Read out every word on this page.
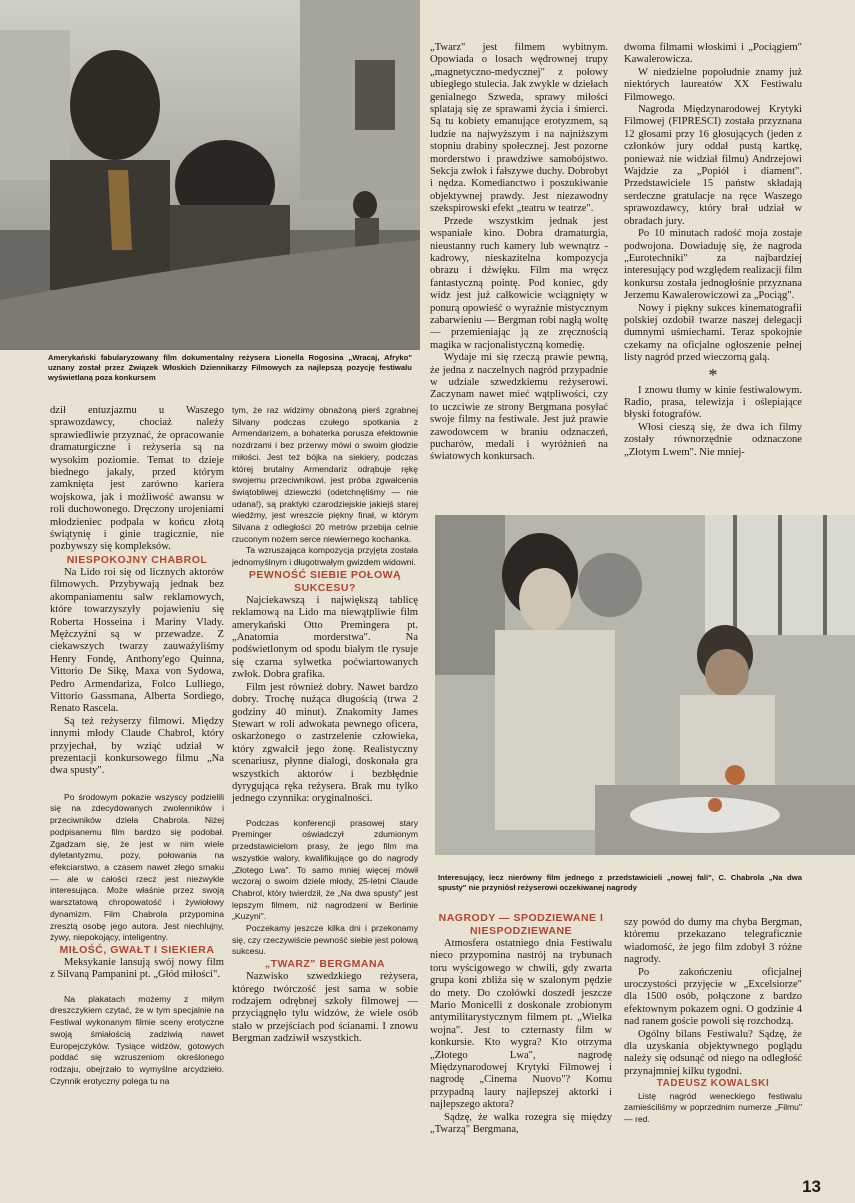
Amerykański fabularyzowany film dokumentalny reżysera Lionella Rogosina „Wracaj, Afryko" uznany został przez Związek Włoskich Dziennikarzy Filmowych za najlepszą pozycję festiwalu wyświetlaną poza konkursem

dził entuzjazmu u Waszego sprawozdawcy, chociaż należy sprawiedliwie przyznać, że opracowanie dramaturgiczne i reżyseria są na wysokim poziomie. Temat to dzieje biednego jakaly, przed którym zamknięta jest zarówno kariera wojskowa, jak i możliwość awansu w roli duchowonego. Dręczony urojeniami młodzieniec podpala w końcu złotą świątynię i ginie tragicznie, nie pozbywszy się kompleksów.

NIESPOKOJNY CHABROL

Na Lido roi się od licznych aktorów filmowych. Przybywają jednak bez akompaniamentu salw reklamowych, które towarzyszyły pojawieniu się Roberta Hosseina i Mariny Vlady. Mężczyźni są w przewadze. Z ciekawszych twarzy zauważyliśmy Henry Fondę, Anthony'ego Quinna, Vittorio De Sikę, Maxa von Sydowa, Pedro Armendariza, Folco Lulliego, Vittorio Gassmana, Alberta Sordiego, Renato Rascela.

Są też reżyserzy filmowi. Między innymi młody Claude Chabrol, który przyjechał, by wziąć udział w prezentacji konkursowego filmu „Na dwa spusty".

Po środowym pokazie wszyscy podzielili się na zdecydowanych zwolenników i przeciwników dzieła Chabrola. Niżej podpisanemu film bardzo się podobał. Zgadzam się, że jest w nim wiele dyletantyzmu, pozy, połowania na efekciarstwo, a czasem nawet złego smaku — ale w całości rzecz jest niezwykle interesująca. Może właśnie przez swoją warsztatową chropowatość i żywiołowy dynamizm. Film Chabrola przypomina zresztą osobę jego autora. Jest niechlujny, żywy, niepokojący, inteligentny.

MIŁOŚĆ, GWAŁT I SIEKIERA

Meksykanie lansują swój nowy film z Silvaną Pampanini pt. „Głód miłości".

Na plakatach możemy z miłym dreszczykiem czytać, że w tym specjalnie na Festiwal wykonanym filmie sceny erotyczne swoją śmiałością zadziwią nawet Europejczyków. Tysiące widzów, gotowych poddać się wzruszeniom określonego rodzaju, obejrzało to wymyślne arcydzieło. Czynnik erotyczny polega tu na

tym, że raz widzimy obnażoną pierś zgrabnej Silvany podczas czułego spotkania z Armendarizem, a bohaterka porusza efektownie nozdrzami i bez przerwy mówi o swoim głodzie miłości. Jest też bójka na siekiery, podczas której brutalny Armendariz odrąbuje rękę swojemu przeciwnikowi, jest próba zgwałcenia świątobliwej dziewczki (odetchnęliśmy — nie udana!), są praktyki czarodziejskie jakiejś starej wiedźmy, jest wreszcie piękny finał, w którym Silvana z odległości 20 metrów przebija celnie rzuconym nożem serce niewiernego kochanka.

Ta wzruszająca kompozycja przyjęta została jednomyślnym i długotrwałym gwizdem widowni.

PEWNOŚĆ SIEBIE POŁOWĄ SUKCESU?

Najciekawszą i największą tablicę reklamową na Lido ma niewątpliwie film amerykański Otto Premingera pt. „Anatomia morderstwa". Na podświetlonym od spodu białym tle rysuje się czarna sylwetka poćwiartowanych zwłok. Dobra grafika.

Film jest również dobry. Nawet bardzo dobry. Trochę nużąca długością (trwa 2 godziny 40 minut). Znakomity James Stewart w roli adwokata pewnego oficera, oskarżonego o zastrzelenie człowieka, który zgwałcił jego żonę. Realistyczny scenariusz, płynne dialogi, doskonała gra wszystkich aktorów i bezbłędnie dyrygująca ręka reżysera. Brak mu tylko jednego czynnika: oryginalności.

Podczas konferencji prasowej stary Preminger oświadczył zdumionym przedstawicielom prasy, że jego film ma wszystkie walory, kwalifikujące go do nagrody „Złotego Lwa". To samo mniej więcej mówił wczoraj o swoim dziele młody, 25-letni Claude Chabrol, który twierdził, że „Na dwa spusty" jest lepszym filmem, niż nagrodzeni w Berlinie „Kuzyni".

Poczekamy jeszcze kilka dni i przekonamy się, czy rzeczywiście pewność siebie jest połową sukcesu.

„TWARZ" BERGMANA

Nazwisko szwedzkiego reżysera, którego twórczość jest sama w sobie rodzajem odrębnej szkoły filmowej — przyciągnęło tylu widzów, że wiele osób stało w przejściach pod ścianami. I znowu Bergman zadziwił wszystkich.

„Twarz" jest filmem wybitnym. Opowiada o losach wędrownej trupy „magnetyczno-medycznej" z połowy ubiegłego stulecia. Jak zwykle w dziełach genialnego Szweda, sprawy miłości splatają się ze sprawami życia i śmierci. Są tu kobiety emanujące erotyzmem, są ludzie na najwyższym i na najniższym stopniu drabiny społecznej. Jest pozorne morderstwo i prawdziwe samobójstwo. Sekcja zwłok i fałszywe duchy. Dobrobyt i nędza. Komedianctwo i poszukiwanie objektywnej prawdy. Jest niezawodny szekspirowski efekt „teatru w teatrze".

Przede wszystkim jednak jest wspaniałe kino. Dobra dramaturgia, nieustanny ruch kamery lub wewnątrz - kadrowy, nieskazitelna kompozycja obrazu i dźwięku. Film ma wręcz fantastyczną pointę. Pod koniec, gdy widz jest już całkowicie wciągnięty w ponurą opowieść o wyraźnie mistycznym zabarwieniu — Bergman robi nagłą woltę — przemieniając ją ze zręcznością magika w racjonalistyczną komedię.

Wydaje mi się rzeczą prawie pewną, że jedna z naczelnych nagród przypadnie w udziale szwedzkiemu reżyserowi. Zaczynam nawet mieć wątpliwości, czy to uczciwie ze strony Bergmana posyłać swoje filmy na festiwale. Jest już prawie zawodowcem w braniu odznaczeń, pucharów, medali i wyróżnień na światowych konkursach.

dwoma filmami włoskimi i „Pociągiem" Kawalerowicza.

W niedzielne popołudnie znamy już niektórych laureatów XX Festiwalu Filmowego.

Nagroda Międzynarodowej Krytyki Filmowej (FIPRESCI) została przyznana 12 głosami przy 16 głosujących (jeden z członków jury oddał pustą kartkę, ponieważ nie widział filmu) Andrzejowi Wajdzie za „Popiół i diament". Przedstawiciele 15 państw składają serdeczne gratulacje na ręce Waszego sprawozdawcy, który brał udział w obradach jury.

Po 10 minutach radość moja zostaje podwojona. Dowiaduję się, że nagroda „Eurotechniki" za najbardziej interesujący pod względem realizacji film konkursu została jednogłośnie przyznana Jerzemu Kawalerowiczowi za „Pociąg".

Nowy i piękny sukces kinematografii polskiej ozdobił twarze naszej delegacji dumnymi uśmiechami. Teraz spokojnie czekamy na oficjalne ogłoszenie pełnej listy nagród przed wieczorną galą.

*

I znowu tłumy w kinie festiwalowym. Radio, prasa, telewizja i oślepiające błyski fotografów.

Włosi cieszą się, że dwa ich filmy zostały równorzędnie odznaczone „Złotym Lwem". Nie mniej-

Interesujący, lecz nierówny film jednego z przedstawicieli „nowej fali", C. Chabrola „Na dwa spusty" nie przyniósł reżyserowi oczekiwanej nagrody

NAGRODY — SPODZIEWANE I NIESPODZIEWANE

Atmosfera ostatniego dnia Festiwalu nieco przypomina nastrój na trybunach toru wyścigowego w chwili, gdy zwarta grupa koni zbliża się w szalonym pędzie do mety. Do czołówki doszedł jeszcze Mario Monicelli z doskonale zrobionym antymilitarystycznym filmem pt. „Wielka wojna". Jest to czternasty film w konkursie. Kto wygra? Kto otrzyma „Złotego Lwa", nagrodę Międzynarodowej Krytyki Filmowej i nagrodę „Cinema Nuovo"? Komu przypadną laury najlepszej aktorki i najlepszego aktora?

Sądzę, że walka rozegra się między „Twarzą" Bergmana,

szy powód do dumy ma chyba Bergman, któremu przekazano telegraficznie wiadomość, że jego film zdobył 3 różne nagrody.

Po zakończeniu oficjalnej uroczystości przyjęcie w „Excelsiorze" dla 1500 osób, połączone z bardzo efektownym pokazem ogni. O godzinie 4 nad ranem goście powoli się rozchodzą.

Ogólny bilans Festiwalu? Sądzę, że dla uzyskania objektywnego poglądu należy się odsunąć od niego na odległość przynajmniej kilku tygodni.

TADEUSZ KOWALSKI

Listę nagród weneckiego festiwalu zamieściliśmy w poprzednim numerze „Filmu" — red.

13
